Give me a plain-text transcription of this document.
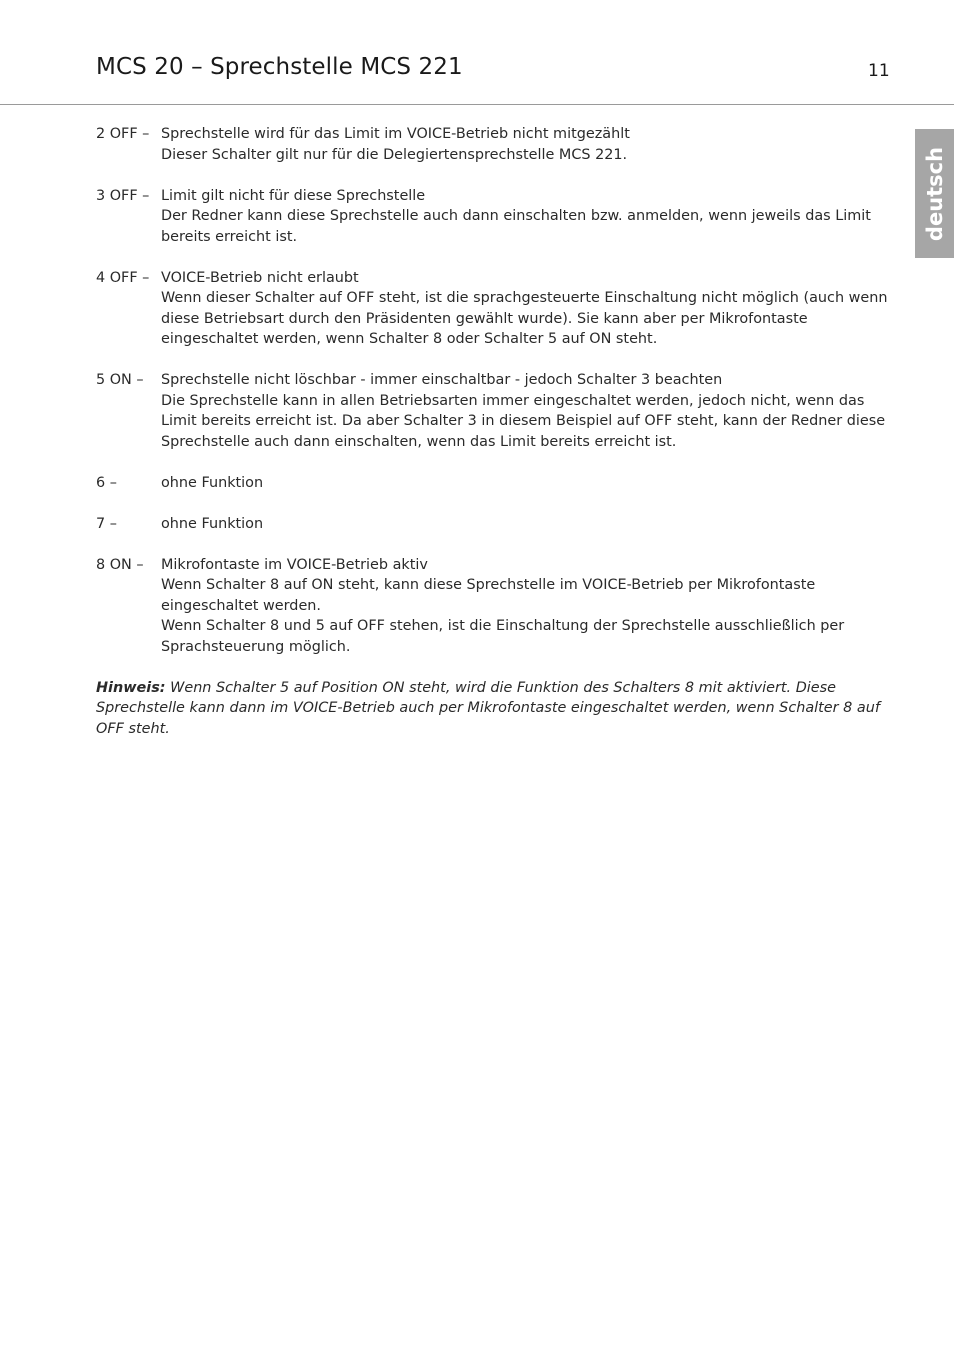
MCS 20 – Sprechstelle MCS 221	11
deutsch
2 OFF – Sprechstelle wird für das Limit im VOICE-Betrieb nicht mitgezählt

Dieser Schalter gilt nur für die Delegiertensprechstelle MCS 221.

3 OFF – Limit gilt nicht für diese Sprechstelle

Der Redner kann diese Sprechstelle auch dann einschalten bzw. anmelden, wenn jeweils das Limit bereits erreicht ist.

4 OFF – VOICE-Betrieb nicht erlaubt

Wenn dieser Schalter auf OFF steht, ist die sprachgesteuerte Einschaltung nicht möglich (auch wenn diese Betriebsart durch den Präsidenten gewählt wurde). Sie kann aber per Mikrofontaste eingeschaltet werden, wenn Schalter 8 oder Schalter 5 auf ON steht.

5 ON –	Sprechstelle nicht löschbar - immer einschaltbar - jedoch Schalter 3 beachten

Die Sprechstelle kann in allen Betriebsarten immer eingeschaltet werden, jedoch nicht, wenn das Limit bereits erreicht ist. Da aber Schalter 3 in diesem Beispiel auf OFF steht, kann der Redner diese Sprechstelle auch dann einschalten, wenn das Limit bereits erreicht ist.

6 –	ohne Funktion

7 –	ohne Funktion

8 ON –	Mikrofontaste im VOICE-Betrieb aktiv

Wenn Schalter 8 auf ON steht, kann diese Sprechstelle im VOICE-Betrieb per Mikrofontaste eingeschaltet werden.

Wenn Schalter 8 und 5 auf OFF stehen, ist die Einschaltung der Sprechstelle ausschließlich per Sprachsteuerung möglich.

Hinweis: Wenn Schalter 5 auf Position ON steht, wird die Funktion des Schalters 8 mit aktiviert. Diese Sprechstelle kann dann im VOICE-Betrieb auch per Mikrofontaste eingeschaltet werden, wenn Schalter 8 auf OFF steht.
